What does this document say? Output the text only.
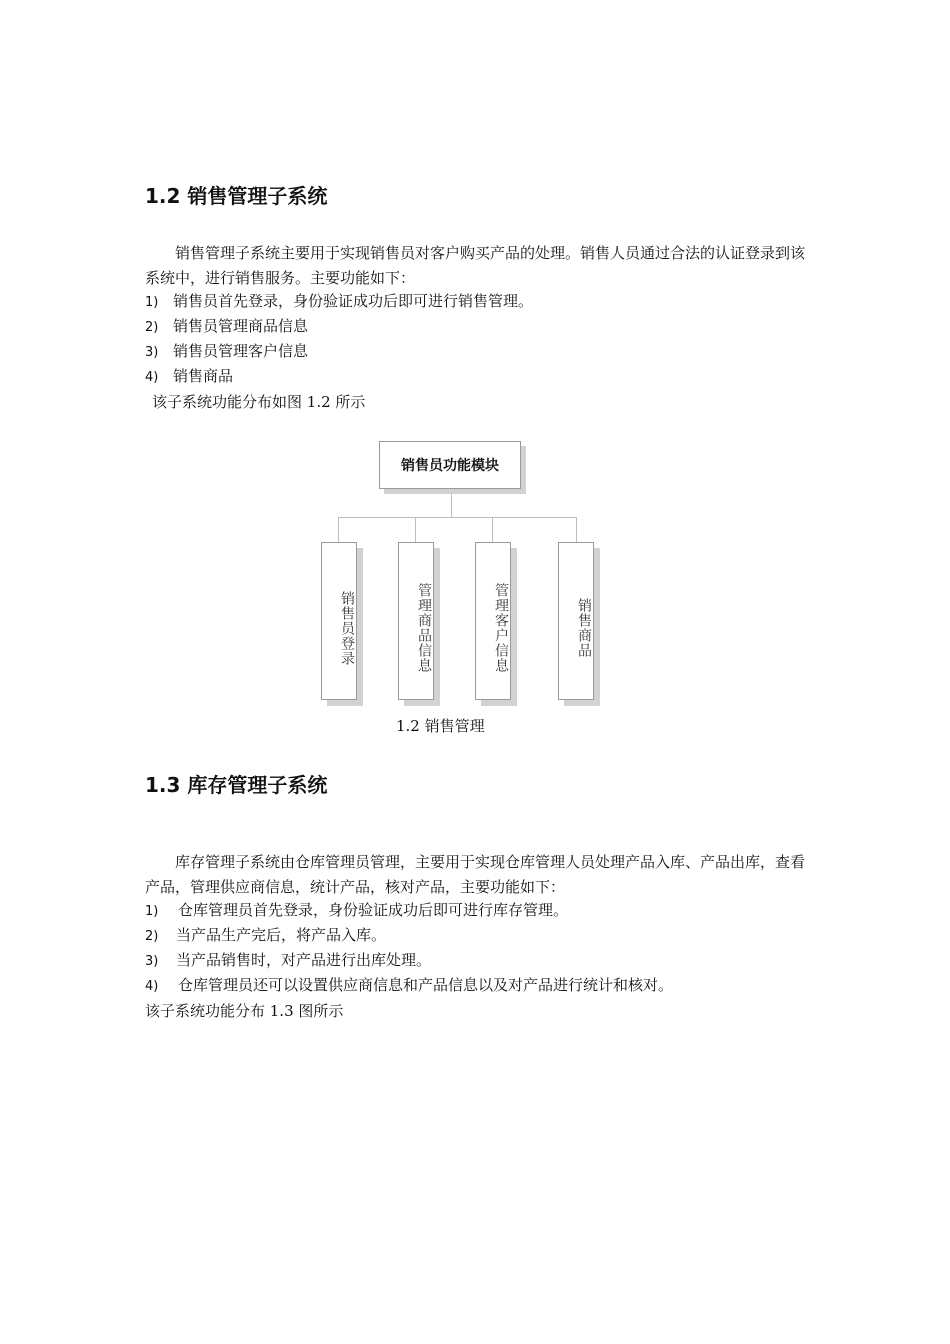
1.2 销售管理子系统

销售管理子系统主要用于实现销售员对客户购买产品的处理。销售人员通过合法的认证登录到该系统中，进行销售服务。主要功能如下：

1) 销售员首先登录，身份验证成功后即可进行销售管理。
2) 销售员管理商品信息
3) 销售员管理客户信息
4) 销售商品
该子系统功能分布如图 1.2 所示
销售员功能模块
销售员登录	管理商品信息	管理客户信息	销售商品
1.2 销售管理
1.3 库存管理子系统

库存管理子系统由仓库管理员管理，主要用于实现仓库管理人员处理产品入库、产品出库，查看产品，管理供应商信息，统计产品，核对产品，主要功能如下：

1) 仓库管理员首先登录，身份验证成功后即可进行库存管理。
2) 当产品生产完后，将产品入库。
3) 当产品销售时，对产品进行出库处理。
4) 仓库管理员还可以设置供应商信息和产品信息以及对产品进行统计和核对。
该子系统功能分布 1.3 图所示
